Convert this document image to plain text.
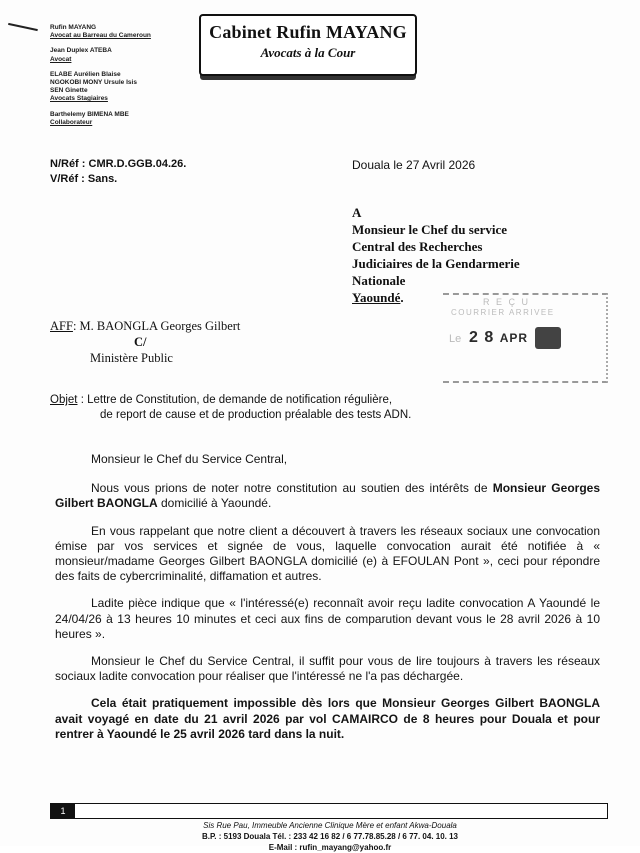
Rufin MAYANG
Avocat au Barreau du Cameroun
Jean Duplex ATEBA
Avocat
ELABE Aurélien Blaise
NGOKOBI MONY Ursule Isis
SEN Ginette
Avocats Stagiaires
Barthelemy BIMENA MBE
Collaborateur
Cabinet Rufin MAYANG
Avocats à la Cour
N/Réf : CMR.D.GGB.04.26.
V/Réf : Sans.
Douala le 27 Avril 2026
A
Monsieur le Chef du service
Central des Recherches
Judiciaires de la Gendarmerie
Nationale
Yaoundé.	R E Ç U
COURRIER ARRIVEE
Le 2 8 APR
AFF: M. BAONGLA Georges Gilbert
C/
Ministère Public
Objet : Lettre de Constitution, de demande de notification régulière,
de report de cause et de production préalable des tests ADN.

Monsieur le Chef du Service Central,

Nous vous prions de noter notre constitution au soutien des intérêts de Monsieur Georges Gilbert BAONGLA domicilié à Yaoundé.

En vous rappelant que notre client a découvert à travers les réseaux sociaux une convocation émise par vos services et signée de vous, laquelle convocation aurait été notifiée à « monsieur/madame Georges Gilbert BAONGLA domicilié (e) à EFOULAN Pont », ceci pour répondre des faits de cybercriminalité, diffamation et autres.

Ladite pièce indique que « l'intéressé(e) reconnaît avoir reçu ladite convocation A Yaoundé le 24/04/26 à 13 heures 10 minutes et ceci aux fins de comparution devant vous le 28 avril 2026 à 10 heures ».

Monsieur le Chef du Service Central, il suffit pour vous de lire toujours à travers les réseaux sociaux ladite convocation pour réaliser que l'intéressé ne l'a pas déchargée.

Cela était pratiquement impossible dès lors que Monsieur Georges Gilbert BAONGLA avait voyagé en date du 21 avril 2026 par vol CAMAIRCO de 8 heures pour Douala et pour rentrer à Yaoundé le 25 avril 2026 tard dans la nuit.

1
Sis Rue Pau, Immeuble Ancienne Clinique Mère et enfant Akwa-Douala
B.P. : 5193 Douala Tél. : 233 42 16 82 / 6 77.78.85.28 / 6 77. 04. 10. 13
E-Mail : rufin_mayang@yahoo.fr
